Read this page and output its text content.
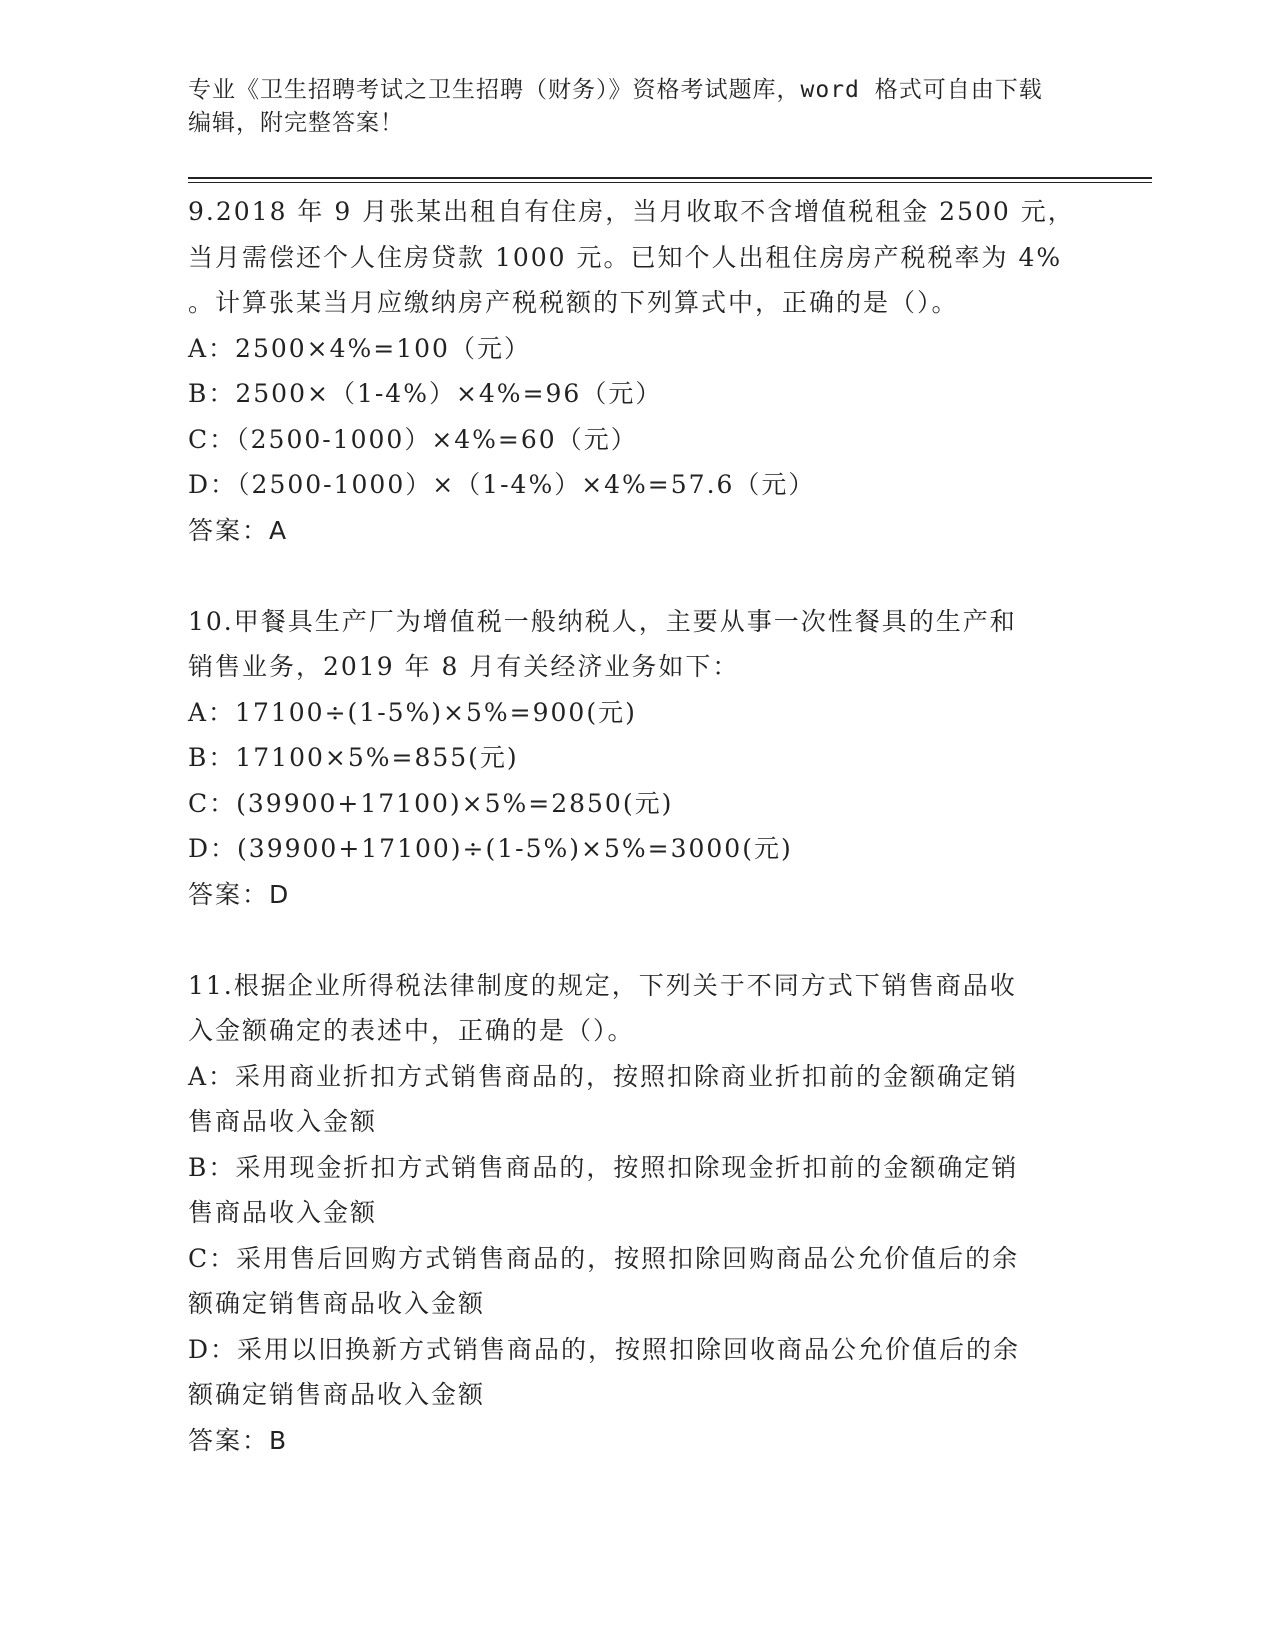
专业《卫生招聘考试之卫生招聘（财务）》资格考试题库，word 格式可自由下载
编辑，附完整答案！
9.2018 年 9 月张某出租自有住房，当月收取不含增值税租金 2500 元，
当月需偿还个人住房贷款 1000 元。已知个人出租住房房产税税率为 4%
。计算张某当月应缴纳房产税税额的下列算式中，正确的是（）。
A：2500×4%=100（元）
B：2500×（1-4%）×4%=96（元）
C：（2500-1000）×4%=60（元）
D：（2500-1000）×（1-4%）×4%=57.6（元）
答案：A
10.甲餐具生产厂为增值税一般纳税人，主要从事一次性餐具的生产和
销售业务，2019 年 8 月有关经济业务如下：
A：17100÷(1-5%)×5%=900(元)
B：17100×5%=855(元)
C：(39900+17100)×5%=2850(元)
D：(39900+17100)÷(1-5%)×5%=3000(元)
答案：D
11.根据企业所得税法律制度的规定，下列关于不同方式下销售商品收
入金额确定的表述中，正确的是（）。
A：采用商业折扣方式销售商品的，按照扣除商业折扣前的金额确定销
售商品收入金额
B：采用现金折扣方式销售商品的，按照扣除现金折扣前的金额确定销
售商品收入金额
C：采用售后回购方式销售商品的，按照扣除回购商品公允价值后的余
额确定销售商品收入金额
D：采用以旧换新方式销售商品的，按照扣除回收商品公允价值后的余
额确定销售商品收入金额
答案：B
